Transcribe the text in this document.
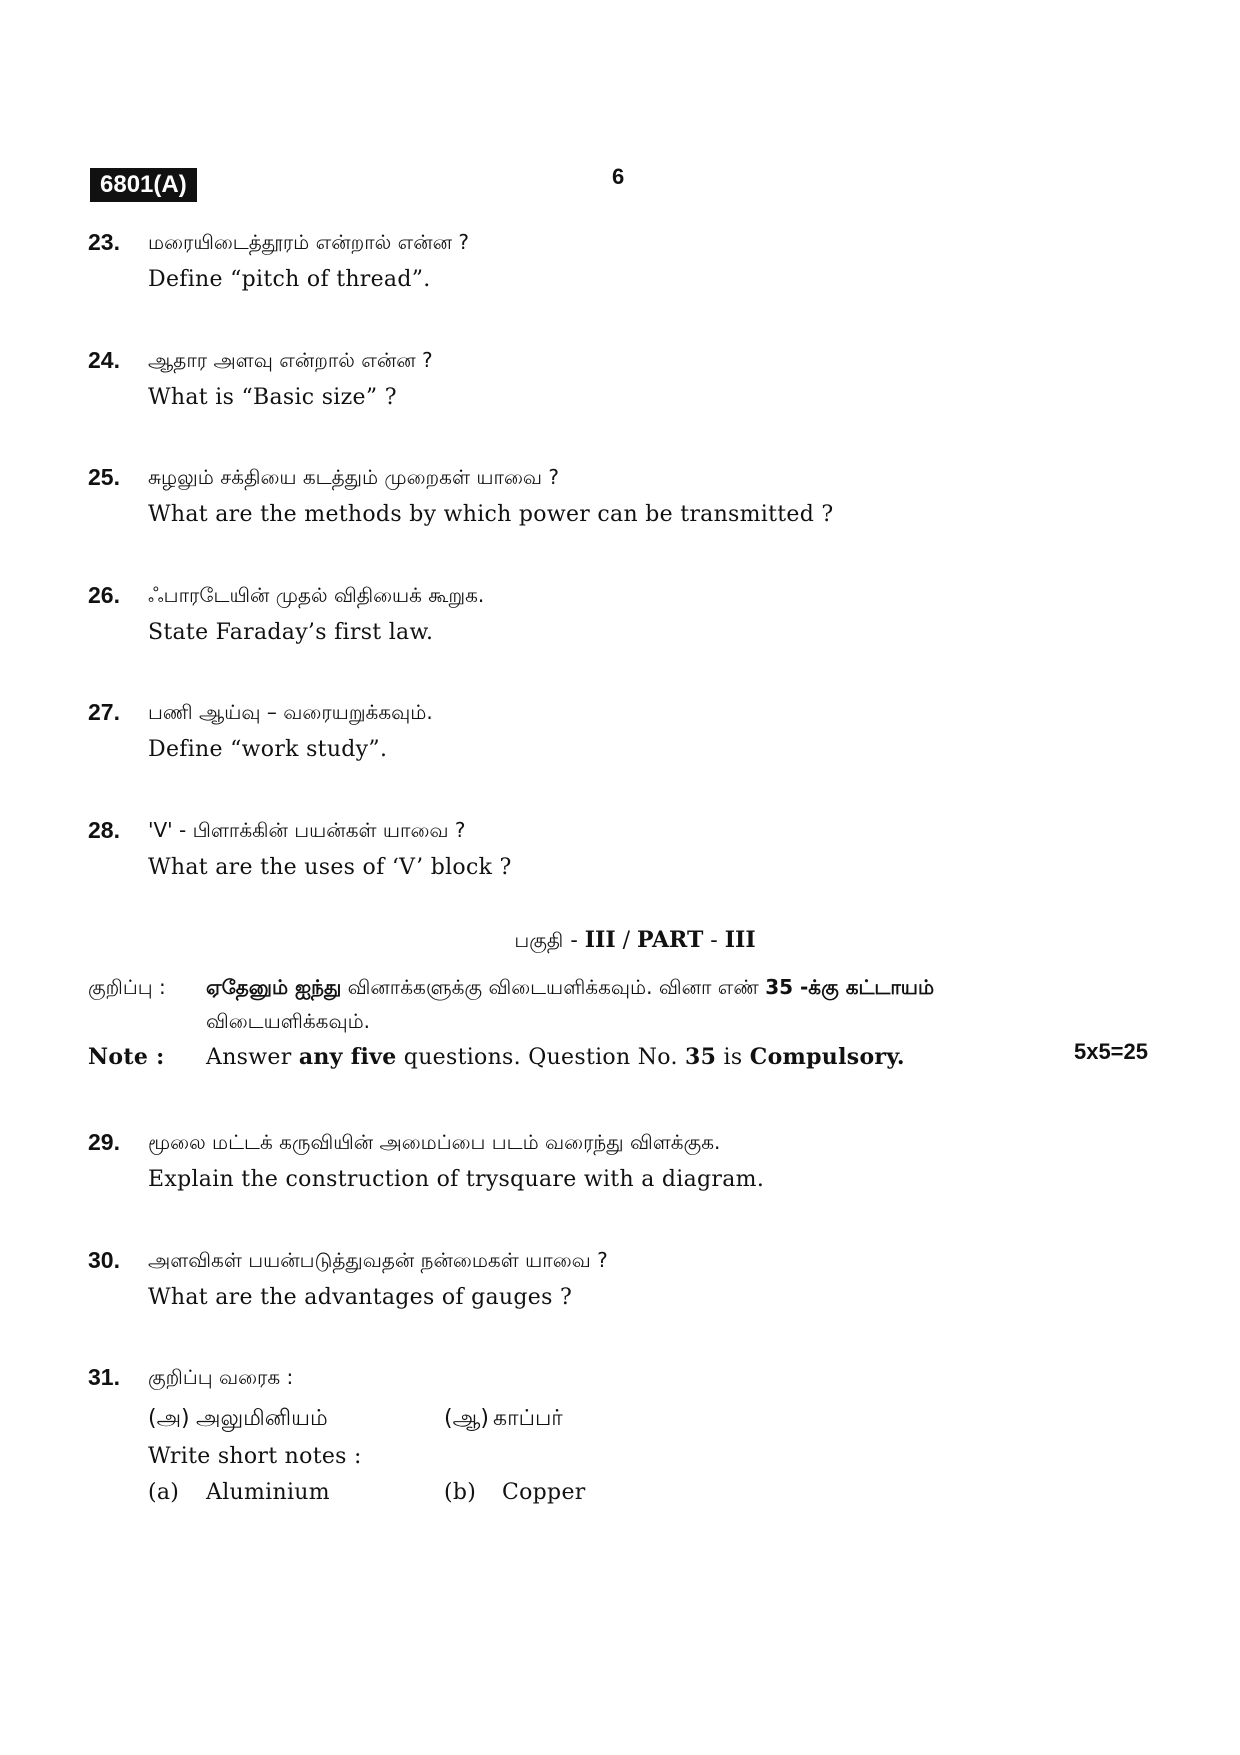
6801(A)	6
23. மரையிடைத்தூரம் என்றால் என்ன ?
Define “pitch of thread”.
24. ஆதார அளவு என்றால் என்ன ?
What is “Basic size” ?
25. சுழலும் சக்தியை கடத்தும் முறைகள் யாவை ?
What are the methods by which power can be transmitted ?
26. ஃபாரடேயின் முதல் விதியைக் கூறுக.
State Faraday’s first law.
27. பணி ஆய்வு – வரையறுக்கவும்.
Define “work study”.
28. 'V' - பிளாக்கின் பயன்கள் யாவை ?
What are the uses of ‘V’ block ?
பகுதி - III / PART - III
குறிப்பு : ஏதேனும் ஐந்து வினாக்களுக்கு விடையளிக்கவும். வினா எண் 35 -க்கு கட்டாயம்
விடையளிக்கவும்.
Note : Answer any five questions. Question No. 35 is Compulsory.	5x5=25
29. மூலை மட்டக் கருவியின் அமைப்பை படம் வரைந்து விளக்குக.
Explain the construction of trysquare with a diagram.
30. அளவிகள் பயன்படுத்துவதன் நன்மைகள் யாவை ?
What are the advantages of gauges ?
31. குறிப்பு வரைக :
(அ) அலுமினியம்	(ஆ) காப்பர்
Write short notes :
(a) Aluminium	(b) Copper
